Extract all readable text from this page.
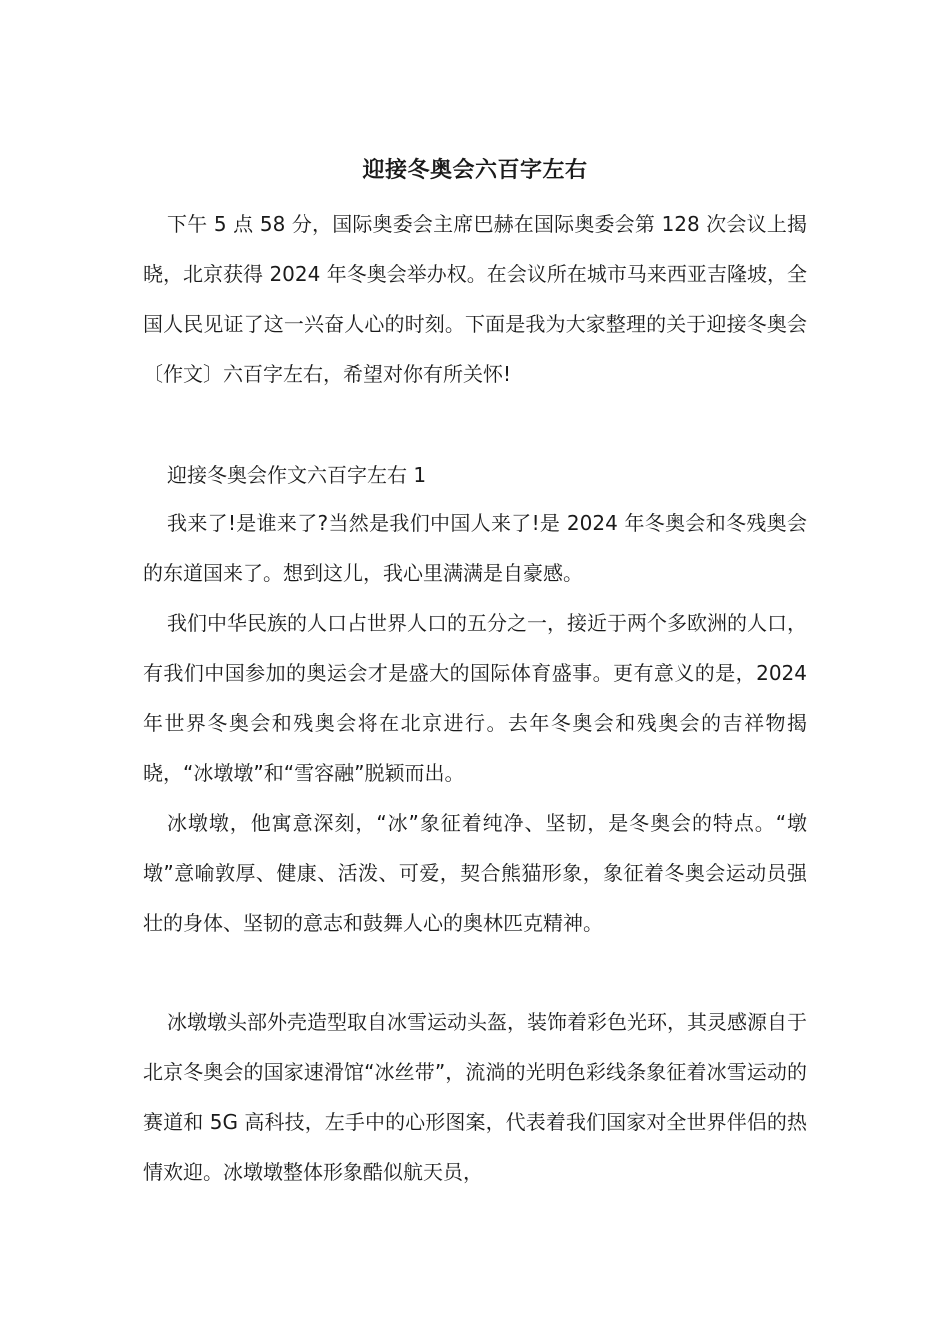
迎接冬奥会六百字左右

下午 5 点 58 分，国际奥委会主席巴赫在国际奥委会第 128 次会议上揭晓，北京获得 2024 年冬奥会举办权。在会议所在城市马来西亚吉隆坡，全国人民见证了这一兴奋人心的时刻。下面是我为大家整理的关于迎接冬奥会〔作文〕六百字左右，希望对你有所关怀!

迎接冬奥会作文六百字左右 1

我来了!是谁来了?当然是我们中国人来了!是 2024 年冬奥会和冬残奥会的东道国来了。想到这儿，我心里满满是自豪感。

我们中华民族的人口占世界人口的五分之一，接近于两个多欧洲的人口，有我们中国参加的奥运会才是盛大的国际体育盛事。更有意义的是，2024 年世界冬奥会和残奥会将在北京进行。去年冬奥会和残奥会的吉祥物揭晓，“冰墩墩”和“雪容融”脱颖而出。

冰墩墩，他寓意深刻，“冰”象征着纯净、坚韧，是冬奥会的特点。“墩墩”意喻敦厚、健康、活泼、可爱，契合熊猫形象，象征着冬奥会运动员强壮的身体、坚韧的意志和鼓舞人心的奥林匹克精神。

冰墩墩头部外壳造型取自冰雪运动头盔，装饰着彩色光环，其灵感源自于北京冬奥会的国家速滑馆“冰丝带”，流淌的光明色彩线条象征着冰雪运动的赛道和 5G 高科技，左手中的心形图案，代表着我们国家对全世界伴侣的热情欢迎。冰墩墩整体形象酷似航天员，
